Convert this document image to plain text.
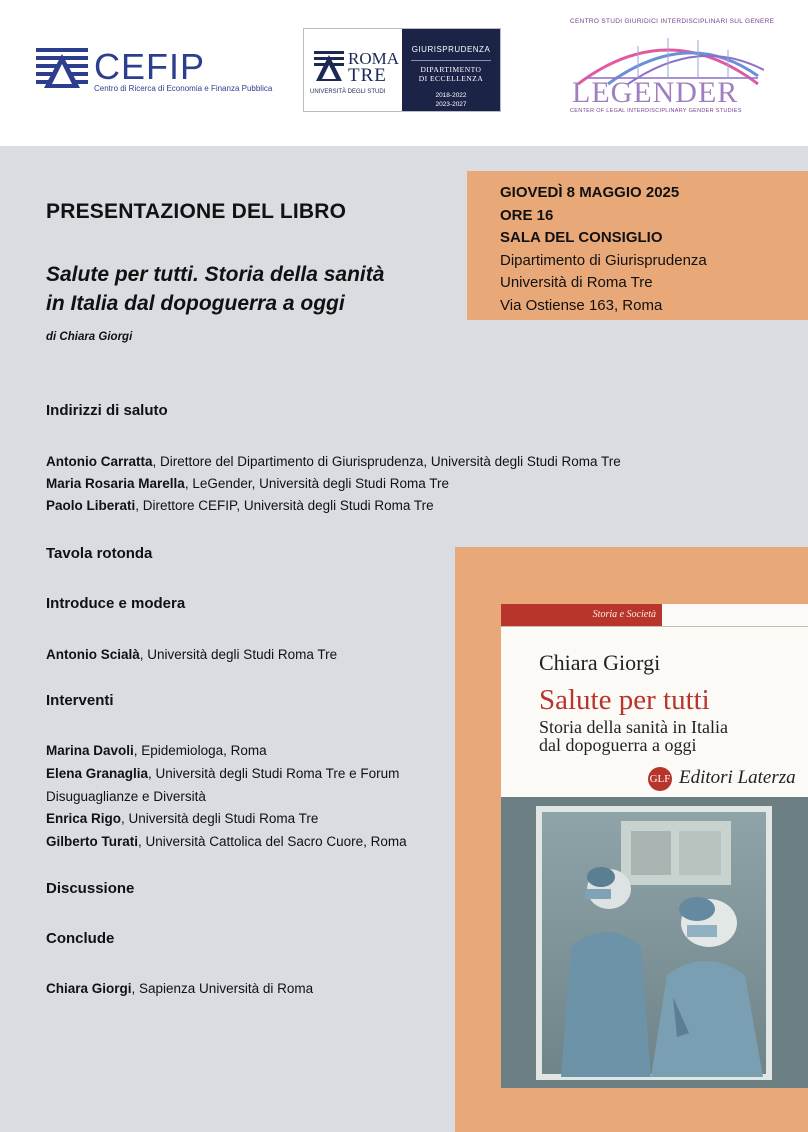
CEFIP
Centro di Ricerca di Economia e Finanza Pubblica
ROMA
TRE
UNIVERSITÀ DEGLI STUDI
GIURISPRUDENZA
DIPARTIMENTO
DI ECCELLENZA
2018-2022
2023-2027
CENTRO STUDI GIURIDICI INTERDISCIPLINARI SUL GENERE
LEGENDER
CENTER OF LEGAL INTERDISCIPLINARY GENDER STUDIES
GIOVEDÌ 8 MAGGIO 2025
ORE 16
SALA DEL CONSIGLIO
Dipartimento di Giurisprudenza
Università di Roma Tre
Via Ostiense 163, Roma
PRESENTAZIONE DEL LIBRO
Salute per tutti. Storia della sanità
in Italia dal dopoguerra a oggi
di Chiara Giorgi
Indirizzi di saluto
Antonio Carratta, Direttore del Dipartimento di Giurisprudenza, Università degli Studi Roma Tre
Maria Rosaria Marella, LeGender, Università degli Studi Roma Tre
Paolo Liberati, Direttore CEFIP, Università degli Studi Roma Tre
Tavola rotonda
Introduce e modera
Antonio Scialà, Università degli Studi Roma Tre
Interventi
Marina Davoli, Epidemiologa, Roma
Elena Granaglia, Università degli Studi Roma Tre e Forum
Disuguaglianze e Diversità
Enrica Rigo, Università degli Studi Roma Tre
Gilberto Turati, Università Cattolica del Sacro Cuore, Roma
Discussione
Conclude
Chiara Giorgi, Sapienza Università di Roma
Storia e Società
Chiara Giorgi
Salute per tutti
Storia della sanità in Italia
dal dopoguerra a oggi
GLF Editori Laterza
